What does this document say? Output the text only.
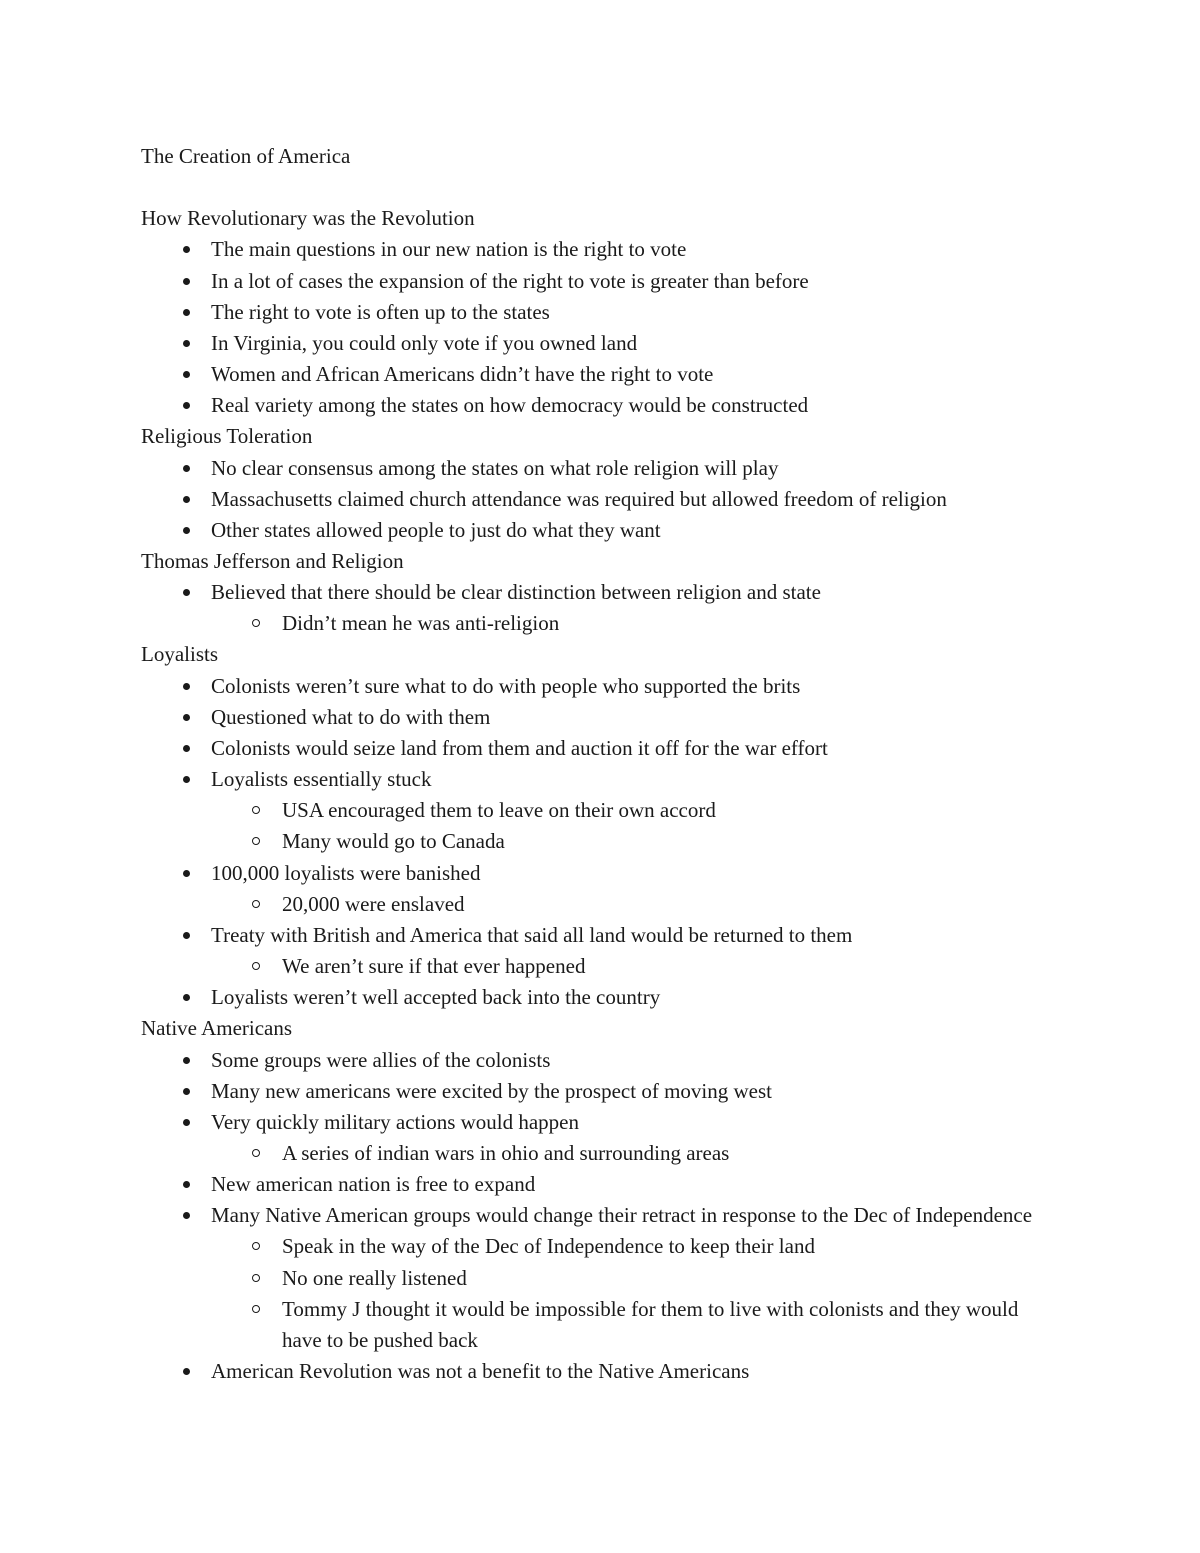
The Creation of America
How Revolutionary was the Revolution
The main questions in our new nation is the right to vote
In a lot of cases the expansion of the right to vote is greater than before
The right to vote is often up to the states
In Virginia, you could only vote if you owned land
Women and African Americans didn’t have the right to vote
Real variety among the states on how democracy would be constructed
Religious Toleration
No clear consensus among the states on what role religion will play
Massachusetts claimed church attendance was required but allowed freedom of religion
Other states allowed people to just do what they want
Thomas Jefferson and Religion
Believed that there should be clear distinction between religion and state
Didn’t mean he was anti-religion
Loyalists
Colonists weren’t sure what to do with people who supported the brits
Questioned what to do with them
Colonists would seize land from them and auction it off for the war effort
Loyalists essentially stuck
USA encouraged them to leave on their own accord
Many would go to Canada
100,000 loyalists were banished
20,000 were enslaved
Treaty with British and America that said all land would be returned to them
We aren’t sure if that ever happened
Loyalists weren’t well accepted back into the country
Native Americans
Some groups were allies of the colonists
Many new americans were excited by the prospect of moving west
Very quickly military actions would happen
A series of indian wars in ohio and surrounding areas
New american nation is free to expand
Many Native American groups would change their retract in response to the Dec of Independence
Speak in the way of the Dec of Independence to keep their land
No one really listened
Tommy J thought it would be impossible for them to live with colonists and they would have to be pushed back
American Revolution was not a benefit to the Native Americans
